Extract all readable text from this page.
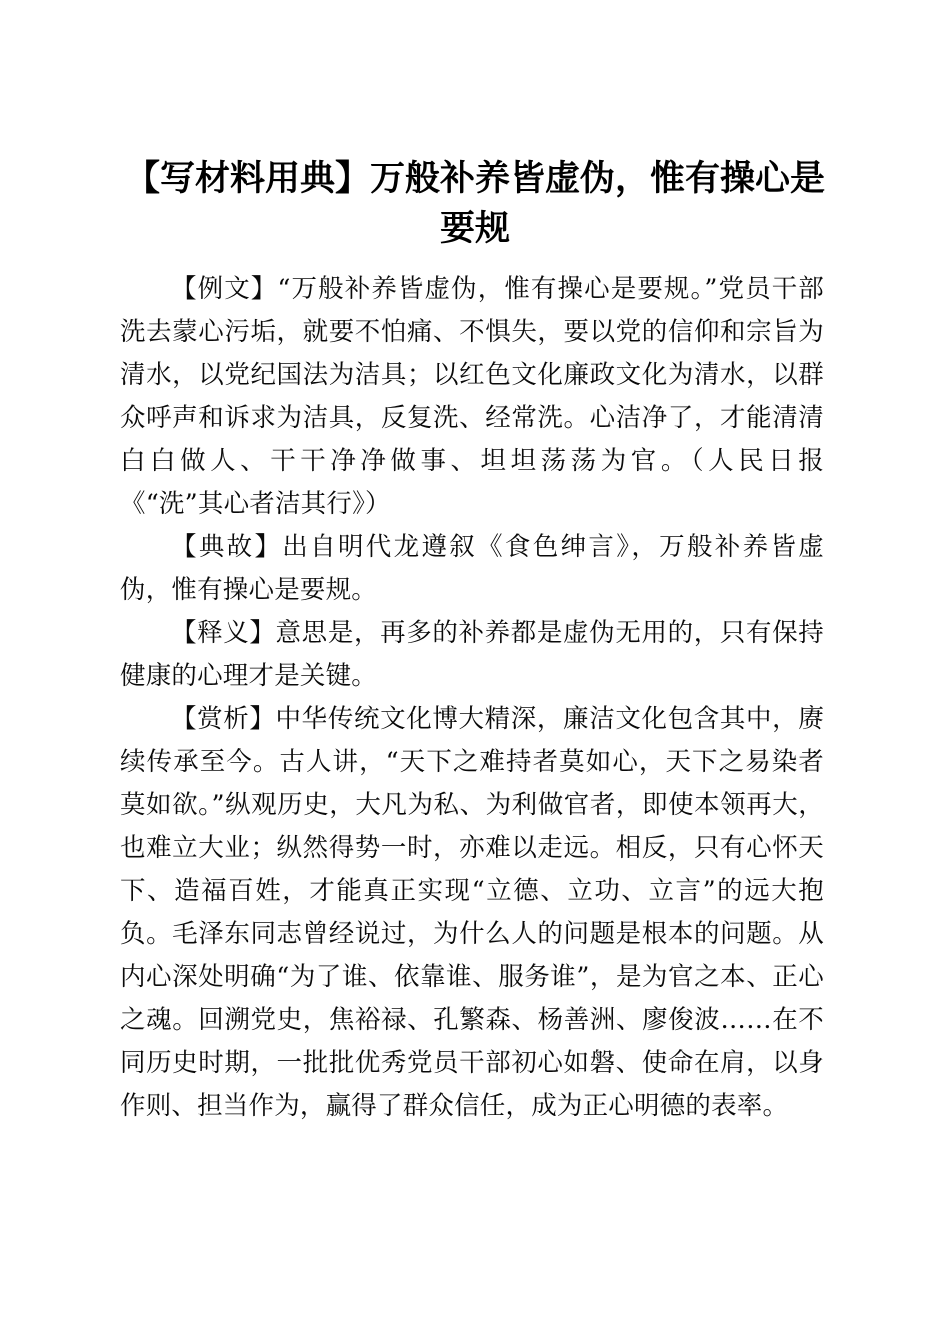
【写材料用典】万般补养皆虚伪，惟有操心是要规

【例文】“万般补养皆虚伪，惟有操心是要规。”党员干部洗去蒙心污垢，就要不怕痛、不惧失，要以党的信仰和宗旨为清水，以党纪国法为洁具；以红色文化廉政文化为清水，以群众呼声和诉求为洁具，反复洗、经常洗。心洁净了，才能清清白白做人、干干净净做事、坦坦荡荡为官。（人民日报《“洗”其心者洁其行》）

【典故】出自明代龙遵叙《食色绅言》，万般补养皆虚伪，惟有操心是要规。

【释义】意思是，再多的补养都是虚伪无用的，只有保持健康的心理才是关键。

【赏析】中华传统文化博大精深，廉洁文化包含其中，赓续传承至今。古人讲，“天下之难持者莫如心，天下之易染者莫如欲。”纵观历史，大凡为私、为利做官者，即使本领再大，也难立大业；纵然得势一时，亦难以走远。相反，只有心怀天下、造福百姓，才能真正实现“立德、立功、立言”的远大抱负。毛泽东同志曾经说过，为什么人的问题是根本的问题。从内心深处明确“为了谁、依靠谁、服务谁”，是为官之本、正心之魂。回溯党史，焦裕禄、孔繁森、杨善洲、廖俊波……在不同历史时期，一批批优秀党员干部初心如磐、使命在肩，以身作则、担当作为，赢得了群众信任，成为正心明德的表率。
